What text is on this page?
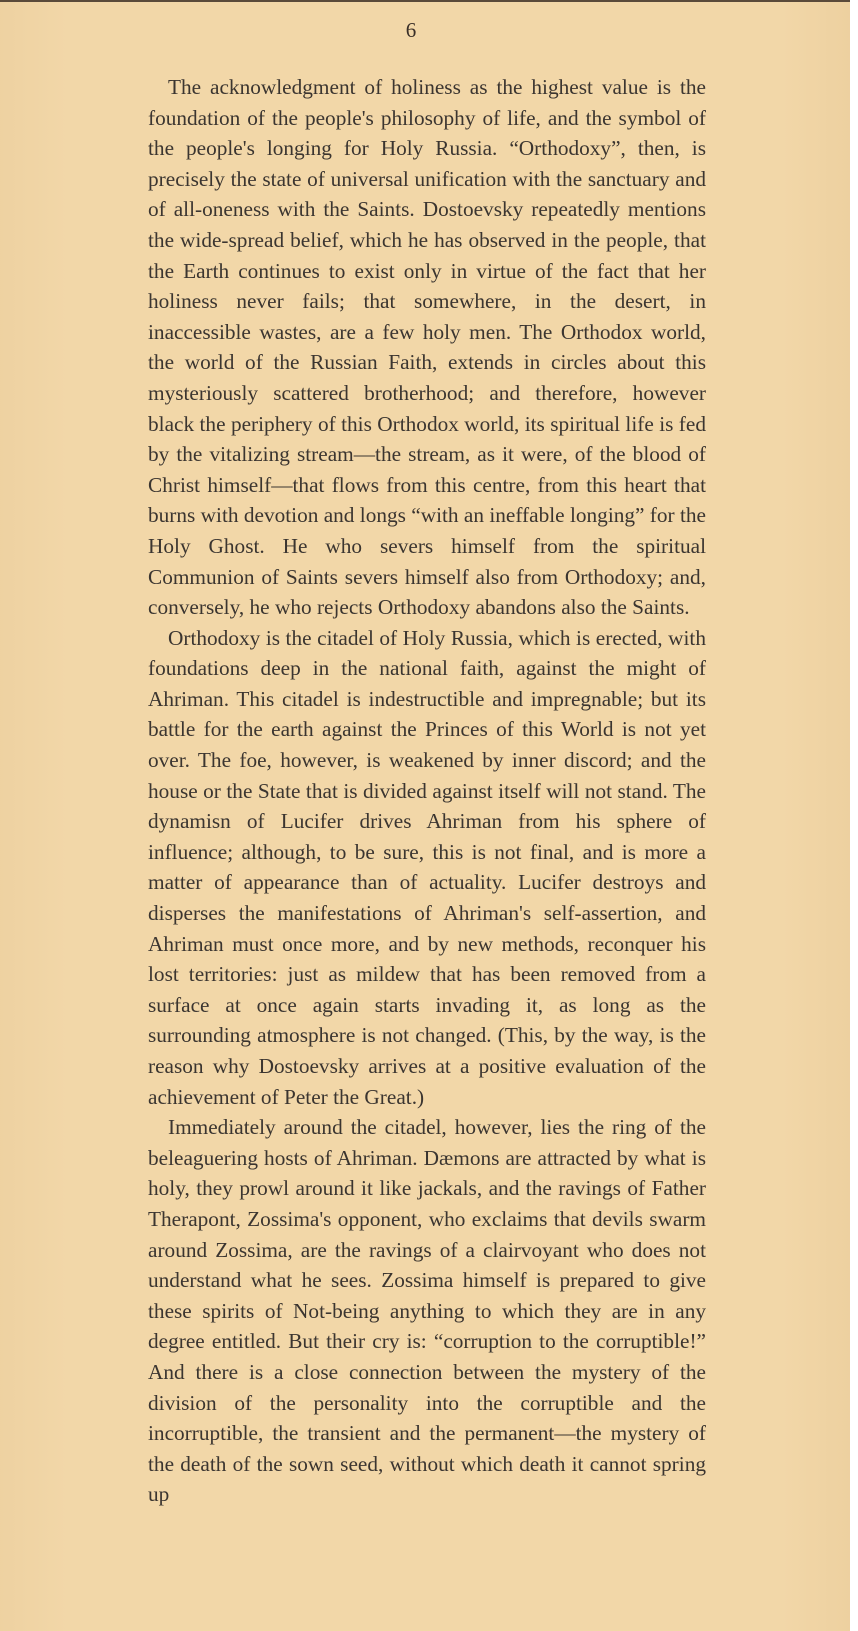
6

The acknowledgment of holiness as the highest value is the foundation of the people's philosophy of life, and the symbol of the people's longing for Holy Russia. “Orthodoxy”, then, is precisely the state of universal unification with the sanctuary and of all-oneness with the Saints. Dostoevsky repeatedly mentions the wide-spread belief, which he has observed in the people, that the Earth continues to exist only in virtue of the fact that her holiness never fails; that somewhere, in the desert, in inaccessible wastes, are a few holy men. The Orthodox world, the world of the Russian Faith, extends in circles about this mysteriously scattered brotherhood; and therefore, however black the periphery of this Orthodox world, its spiritual life is fed by the vitalizing stream—the stream, as it were, of the blood of Christ himself—that flows from this centre, from this heart that burns with devotion and longs “with an ineffable longing” for the Holy Ghost. He who severs himself from the spiritual Communion of Saints severs himself also from Orthodoxy; and, conversely, he who rejects Orthodoxy abandons also the Saints.

Orthodoxy is the citadel of Holy Russia, which is erected, with foundations deep in the national faith, against the might of Ahriman. This citadel is indestructible and impregnable; but its battle for the earth against the Princes of this World is not yet over. The foe, however, is weakened by inner discord; and the house or the State that is divided against itself will not stand. The dynamisn of Lucifer drives Ahriman from his sphere of influence; although, to be sure, this is not final, and is more a matter of appearance than of actuality. Lucifer destroys and disperses the manifestations of Ahriman's self-assertion, and Ahriman must once more, and by new methods, reconquer his lost territories: just as mildew that has been removed from a surface at once again starts invading it, as long as the surrounding atmosphere is not changed. (This, by the way, is the reason why Dostoevsky arrives at a positive evaluation of the achievement of Peter the Great.)

Immediately around the citadel, however, lies the ring of the beleaguering hosts of Ahriman. Dæmons are attracted by what is holy, they prowl around it like jackals, and the ravings of Father Therapont, Zossima's opponent, who exclaims that devils swarm around Zossima, are the ravings of a clairvoyant who does not understand what he sees. Zossima himself is prepared to give these spirits of Not-being anything to which they are in any degree entitled. But their cry is: “corruption to the corruptible!” And there is a close connection between the mystery of the division of the personality into the corruptible and the incorruptible, the transient and the permanent—the mystery of the death of the sown seed, without which death it cannot spring up
